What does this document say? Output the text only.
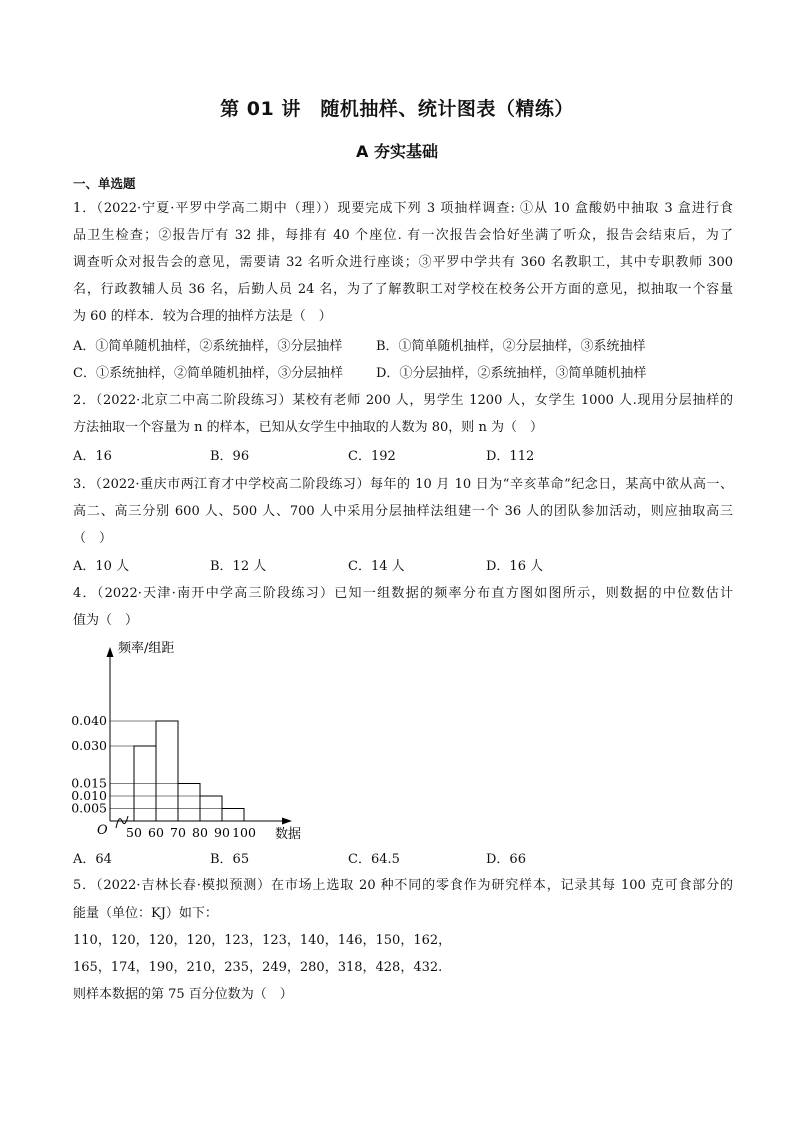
第 01 讲　随机抽样、统计图表（精练）
A 夯实基础
一、单选题
1．（2022·宁夏·平罗中学高二期中（理））现要完成下列 3 项抽样调查: ①从 10 盒酸奶中抽取 3 盒进行食
品卫生检查；②报告厅有 32 排，每排有 40 个座位. 有一次报告会恰好坐满了听众，报告会结束后，为了
调查听众对报告会的意见，需要请 32 名听众进行座谈；③平罗中学共有 360 名教职工，其中专职教师 300
名，行政教辅人员 36 名，后勤人员 24 名，为了了解教职工对学校在校务公开方面的意见，拟抽取一个容量
为 60 的样本．较为合理的抽样方法是（　）
A．①简单随机抽样，②系统抽样，③分层抽样	B．①简单随机抽样，②分层抽样，③系统抽样
C．①系统抽样，②简单随机抽样，③分层抽样	D．①分层抽样，②系统抽样，③简单随机抽样
2．（2022·北京二中高二阶段练习）某校有老师 200 人，男学生 1200 人，女学生 1000 人.现用分层抽样的
方法抽取一个容量为 n 的样本，已知从女学生中抽取的人数为 80，则 n 为（　）
A．16	B．96	C．192	D．112
3．（2022·重庆市两江育才中学校高二阶段练习）每年的 10 月 10 日为“辛亥革命”纪念日，某高中欲从高一、
高二、高三分别 600 人、500 人、700 人中采用分层抽样法组建一个 36 人的团队参加活动，则应抽取高三
（　）
A．10 人	B．12 人	C．14 人	D．16 人
4．（2022·天津·南开中学高三阶段练习）已知一组数据的频率分布直方图如图所示，则数据的中位数估计
值为（　）
频率/组距
数据
O
0.040
0.030
0.015
0.010
0.005
50 60 70 80 90 100
A．64	B．65	C．64.5	D．66
5．（2022·吉林长春·模拟预测）在市场上选取 20 种不同的零食作为研究样本，记录其每 100 克可食部分的
能量（单位：KJ）如下：
110，120，120，120，123，123，140，146，150，162，
165，174，190，210，235，249，280，318，428，432.
则样本数据的第 75 百分位数为（　）
